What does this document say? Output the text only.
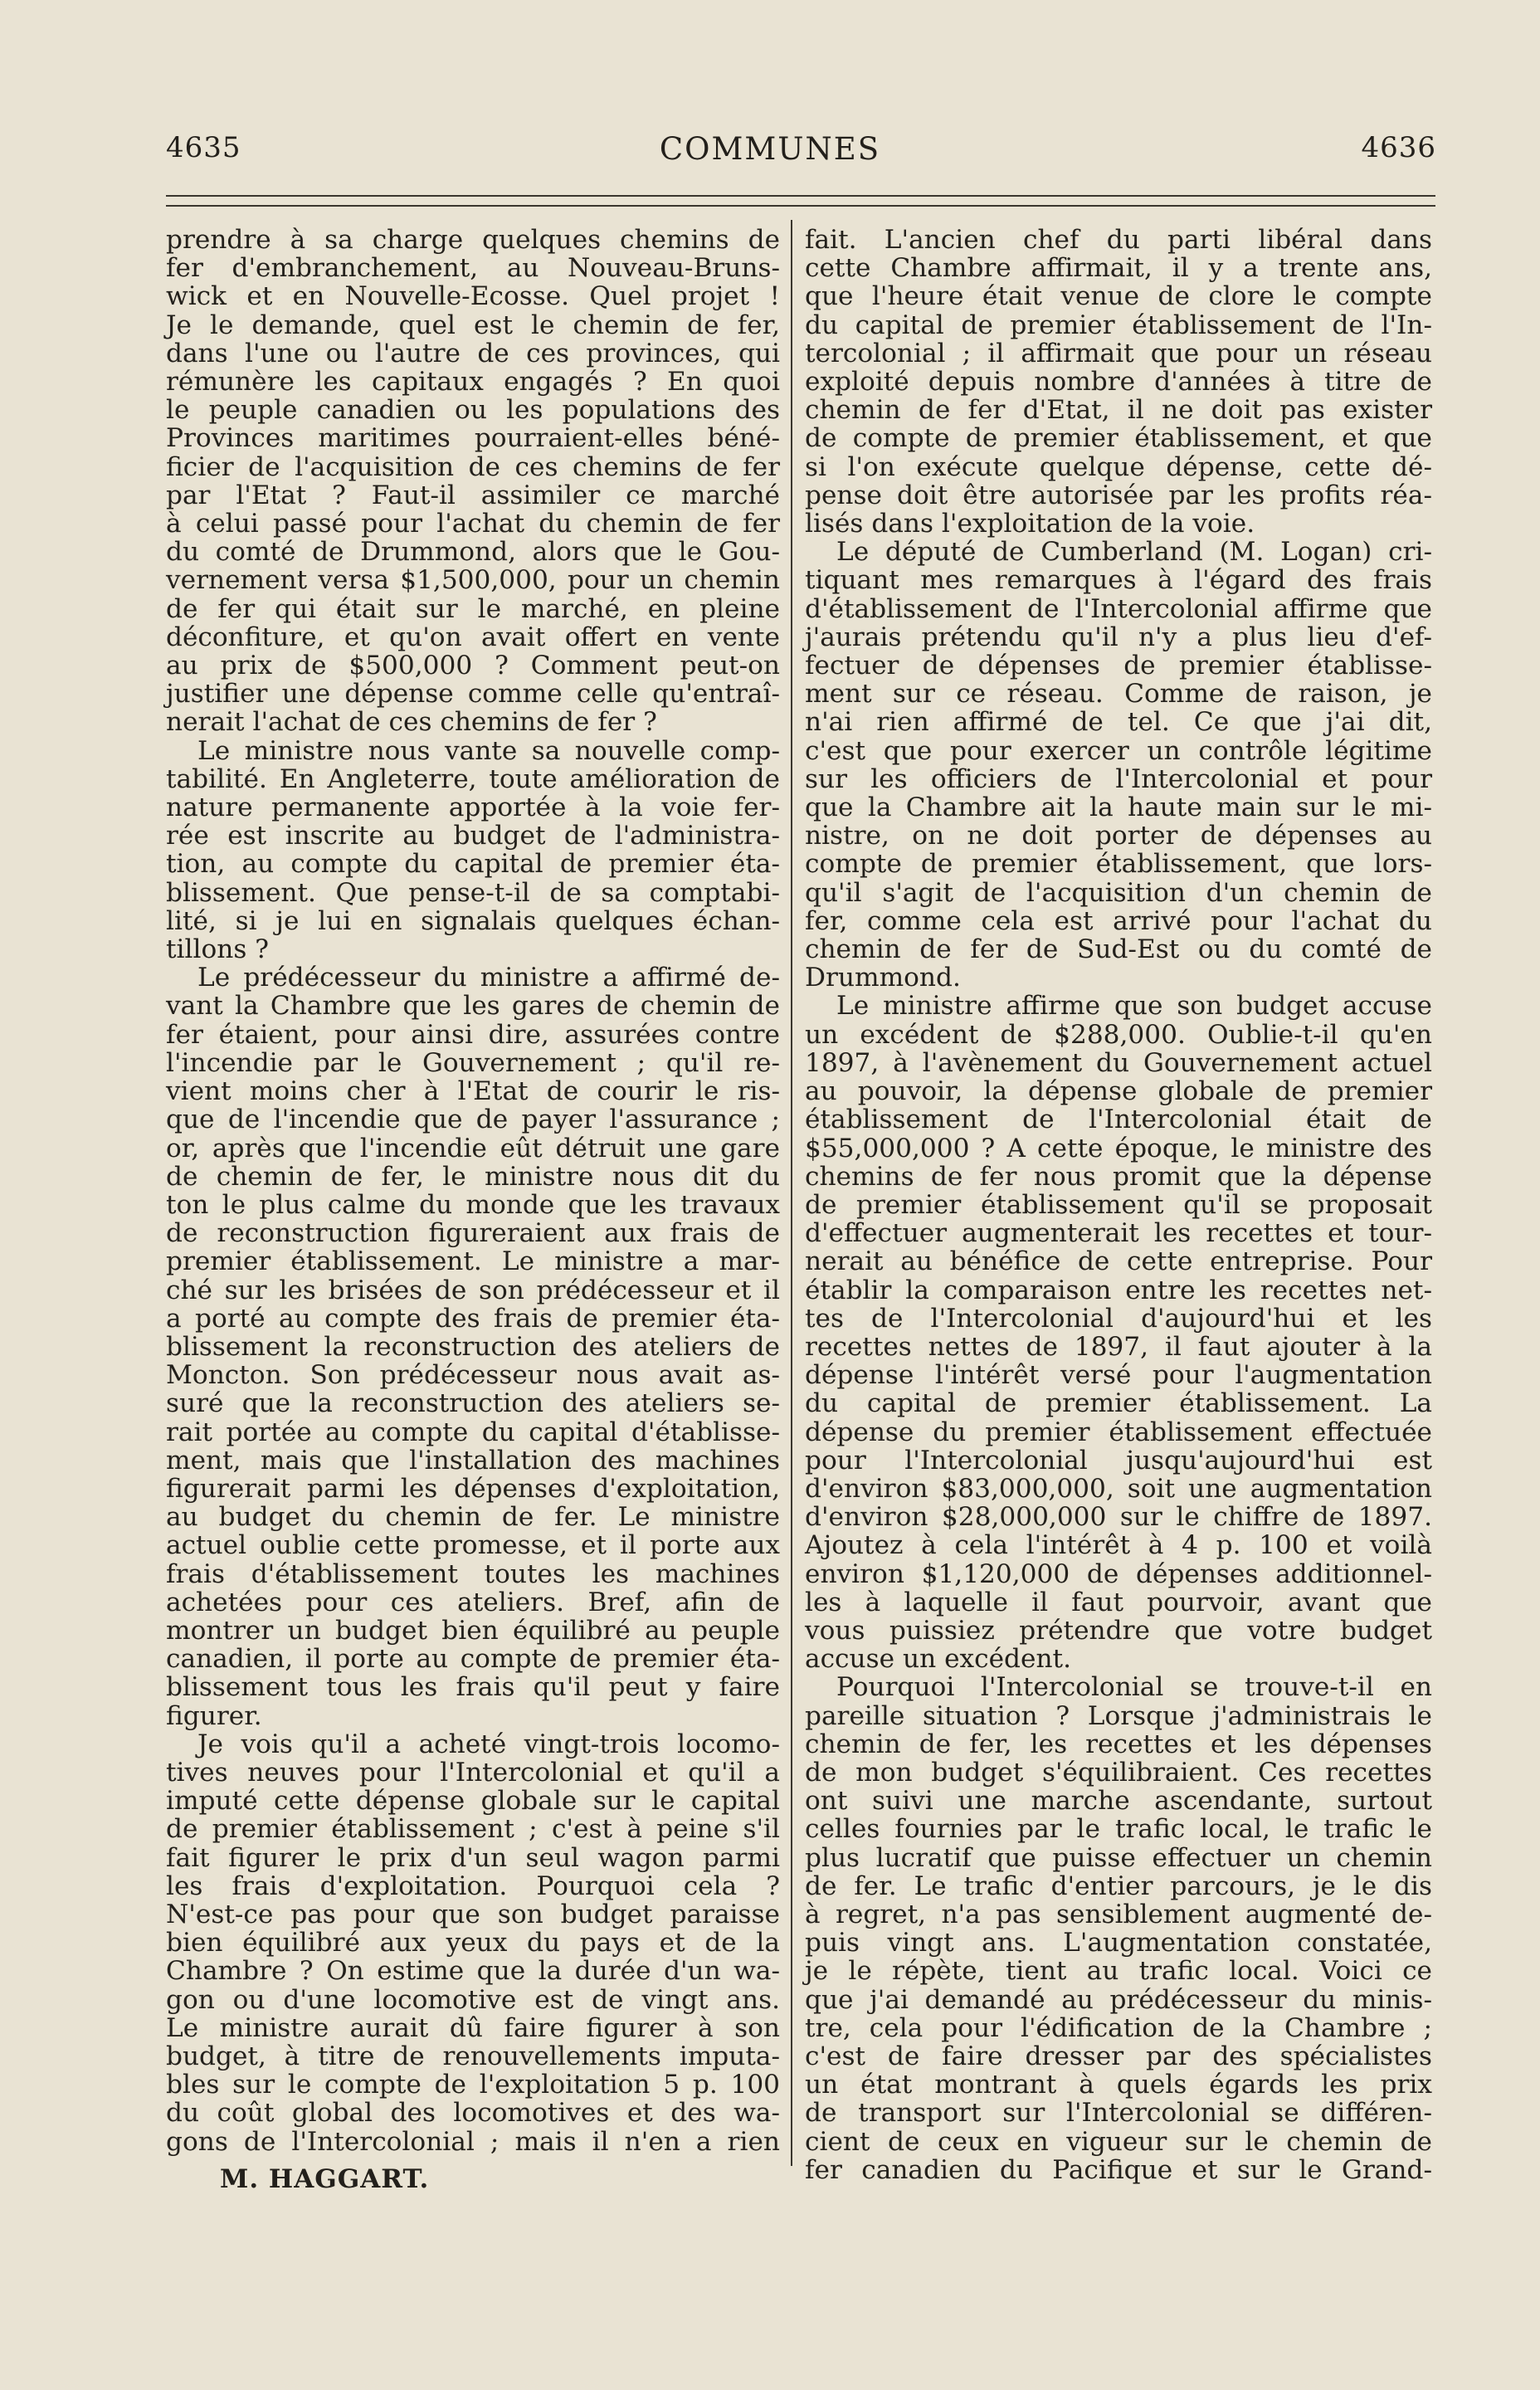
4635	COMMUNES	4636
prendre à sa charge quelques chemins de
fer d'embranchement, au Nouveau-Bruns-
wick et en Nouvelle-Ecosse. Quel projet !
Je le demande, quel est le chemin de fer,
dans l'une ou l'autre de ces provinces, qui
rémunère les capitaux engagés ? En quoi
le peuple canadien ou les populations des
Provinces maritimes pourraient-elles béné-
ficier de l'acquisition de ces chemins de fer
par l'Etat ? Faut-il assimiler ce marché
à celui passé pour l'achat du chemin de fer
du comté de Drummond, alors que le Gou-
vernement versa $1,500,000, pour un chemin
de fer qui était sur le marché, en pleine
déconfiture, et qu'on avait offert en vente
au prix de $500,000 ? Comment peut-on
justifier une dépense comme celle qu'entraî-
nerait l'achat de ces chemins de fer ?
Le ministre nous vante sa nouvelle comp-
tabilité. En Angleterre, toute amélioration de
nature permanente apportée à la voie fer-
rée est inscrite au budget de l'administra-
tion, au compte du capital de premier éta-
blissement. Que pense-t-il de sa comptabi-
lité, si je lui en signalais quelques échan-
tillons ?
Le prédécesseur du ministre a affirmé de-
vant la Chambre que les gares de chemin de
fer étaient, pour ainsi dire, assurées contre
l'incendie par le Gouvernement ; qu'il re-
vient moins cher à l'Etat de courir le ris-
que de l'incendie que de payer l'assurance ;
or, après que l'incendie eût détruit une gare
de chemin de fer, le ministre nous dit du
ton le plus calme du monde que les travaux
de reconstruction figureraient aux frais de
premier établissement. Le ministre a mar-
ché sur les brisées de son prédécesseur et il
a porté au compte des frais de premier éta-
blissement la reconstruction des ateliers de
Moncton. Son prédécesseur nous avait as-
suré que la reconstruction des ateliers se-
rait portée au compte du capital d'établisse-
ment, mais que l'installation des machines
figurerait parmi les dépenses d'exploitation,
au budget du chemin de fer. Le ministre
actuel oublie cette promesse, et il porte aux
frais d'établissement toutes les machines
achetées pour ces ateliers. Bref, afin de
montrer un budget bien équilibré au peuple
canadien, il porte au compte de premier éta-
blissement tous les frais qu'il peut y faire
figurer.
Je vois qu'il a acheté vingt-trois locomo-
tives neuves pour l'Intercolonial et qu'il a
imputé cette dépense globale sur le capital
de premier établissement ; c'est à peine s'il
fait figurer le prix d'un seul wagon parmi
les frais d'exploitation. Pourquoi cela ?
N'est-ce pas pour que son budget paraisse
bien équilibré aux yeux du pays et de la
Chambre ? On estime que la durée d'un wa-
gon ou d'une locomotive est de vingt ans.
Le ministre aurait dû faire figurer à son
budget, à titre de renouvellements imputa-
bles sur le compte de l'exploitation 5 p. 100
du coût global des locomotives et des wa-
gons de l'Intercolonial ; mais il n'en a rien
fait. L'ancien chef du parti libéral dans
cette Chambre affirmait, il y a trente ans,
que l'heure était venue de clore le compte
du capital de premier établissement de l'In-
tercolonial ; il affirmait que pour un réseau
exploité depuis nombre d'années à titre de
chemin de fer d'Etat, il ne doit pas exister
de compte de premier établissement, et que
si l'on exécute quelque dépense, cette dé-
pense doit être autorisée par les profits réa-
lisés dans l'exploitation de la voie.
Le député de Cumberland (M. Logan) cri-
tiquant mes remarques à l'égard des frais
d'établissement de l'Intercolonial affirme que
j'aurais prétendu qu'il n'y a plus lieu d'ef-
fectuer de dépenses de premier établisse-
ment sur ce réseau. Comme de raison, je
n'ai rien affirmé de tel. Ce que j'ai dit,
c'est que pour exercer un contrôle légitime
sur les officiers de l'Intercolonial et pour
que la Chambre ait la haute main sur le mi-
nistre, on ne doit porter de dépenses au
compte de premier établissement, que lors-
qu'il s'agit de l'acquisition d'un chemin de
fer, comme cela est arrivé pour l'achat du
chemin de fer de Sud-Est ou du comté de
Drummond.
Le ministre affirme que son budget accuse
un excédent de $288,000. Oublie-t-il qu'en
1897, à l'avènement du Gouvernement actuel
au pouvoir, la dépense globale de premier
établissement de l'Intercolonial était de
$55,000,000 ? A cette époque, le ministre des
chemins de fer nous promit que la dépense
de premier établissement qu'il se proposait
d'effectuer augmenterait les recettes et tour-
nerait au bénéfice de cette entreprise. Pour
établir la comparaison entre les recettes net-
tes de l'Intercolonial d'aujourd'hui et les
recettes nettes de 1897, il faut ajouter à la
dépense l'intérêt versé pour l'augmentation
du capital de premier établissement. La
dépense du premier établissement effectuée
pour l'Intercolonial jusqu'aujourd'hui est
d'environ $83,000,000, soit une augmentation
d'environ $28,000,000 sur le chiffre de 1897.
Ajoutez à cela l'intérêt à 4 p. 100 et voilà
environ $1,120,000 de dépenses additionnel-
les à laquelle il faut pourvoir, avant que
vous puissiez prétendre que votre budget
accuse un excédent.
Pourquoi l'Intercolonial se trouve-t-il en
pareille situation ? Lorsque j'administrais le
chemin de fer, les recettes et les dépenses
de mon budget s'équilibraient. Ces recettes
ont suivi une marche ascendante, surtout
celles fournies par le trafic local, le trafic le
plus lucratif que puisse effectuer un chemin
de fer. Le trafic d'entier parcours, je le dis
à regret, n'a pas sensiblement augmenté de-
puis vingt ans. L'augmentation constatée,
je le répète, tient au trafic local. Voici ce
que j'ai demandé au prédécesseur du minis-
tre, cela pour l'édification de la Chambre ;
c'est de faire dresser par des spécialistes
un état montrant à quels égards les prix
de transport sur l'Intercolonial se différen-
cient de ceux en vigueur sur le chemin de
fer canadien du Pacifique et sur le Grand-
M. HAGGART.
